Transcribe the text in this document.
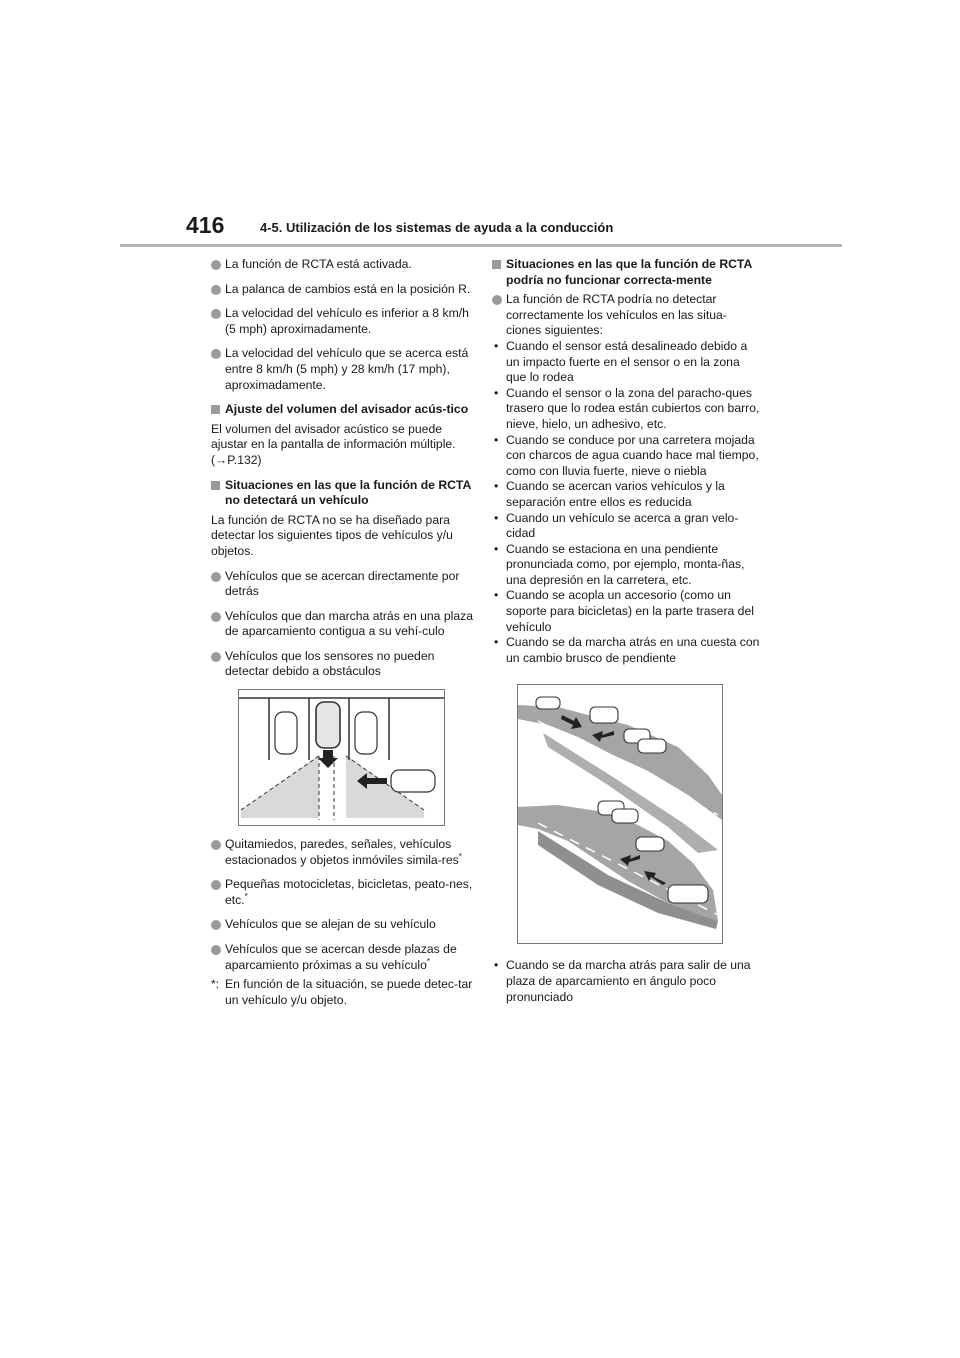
416	4-5. Utilización de los sistemas de ayuda a la conducción
La función de RCTA está activada.
La palanca de cambios está en la posición R.
La velocidad del vehículo es inferior a 8 km/h (5 mph) aproximadamente.
La velocidad del vehículo que se acerca está entre 8 km/h (5 mph) y 28 km/h (17 mph), aproximadamente.
Ajuste del volumen del avisador acús-tico
El volumen del avisador acústico se puede ajustar en la pantalla de información múltiple.
(→P.132)
Situaciones en las que la función de RCTA no detectará un vehículo
La función de RCTA no se ha diseñado para detectar los siguientes tipos de vehículos y/u objetos.
Vehículos que se acercan directamente por detrás
Vehículos que dan marcha atrás en una plaza de aparcamiento contigua a su vehí-culo
Vehículos que los sensores no pueden detectar debido a obstáculos
Quitamiedos, paredes, señales, vehículos estacionados y objetos inmóviles simila-res*
Pequeñas motocicletas, bicicletas, peato-nes, etc.*
Vehículos que se alejan de su vehículo
Vehículos que se acercan desde plazas de aparcamiento próximas a su vehículo*
*: En función de la situación, se puede detec-tar un vehículo y/u objeto.
Situaciones en las que la función de RCTA podría no funcionar correcta-mente
La función de RCTA podría no detectar correctamente los vehículos en las situa-ciones siguientes:
• Cuando el sensor está desalineado debido a un impacto fuerte en el sensor o en la zona que lo rodea
• Cuando el sensor o la zona del paracho-ques trasero que lo rodea están cubiertos con barro, nieve, hielo, un adhesivo, etc.
• Cuando se conduce por una carretera mojada con charcos de agua cuando hace mal tiempo, como con lluvia fuerte, nieve o niebla
• Cuando se acercan varios vehículos y la separación entre ellos es reducida
• Cuando un vehículo se acerca a gran velo-cidad
• Cuando se estaciona en una pendiente pronunciada como, por ejemplo, monta-ñas, una depresión en la carretera, etc.
• Cuando se acopla un accesorio (como un soporte para bicicletas) en la parte trasera del vehículo
• Cuando se da marcha atrás en una cuesta con un cambio brusco de pendiente
• Cuando se da marcha atrás para salir de una plaza de aparcamiento en ángulo poco pronunciado
